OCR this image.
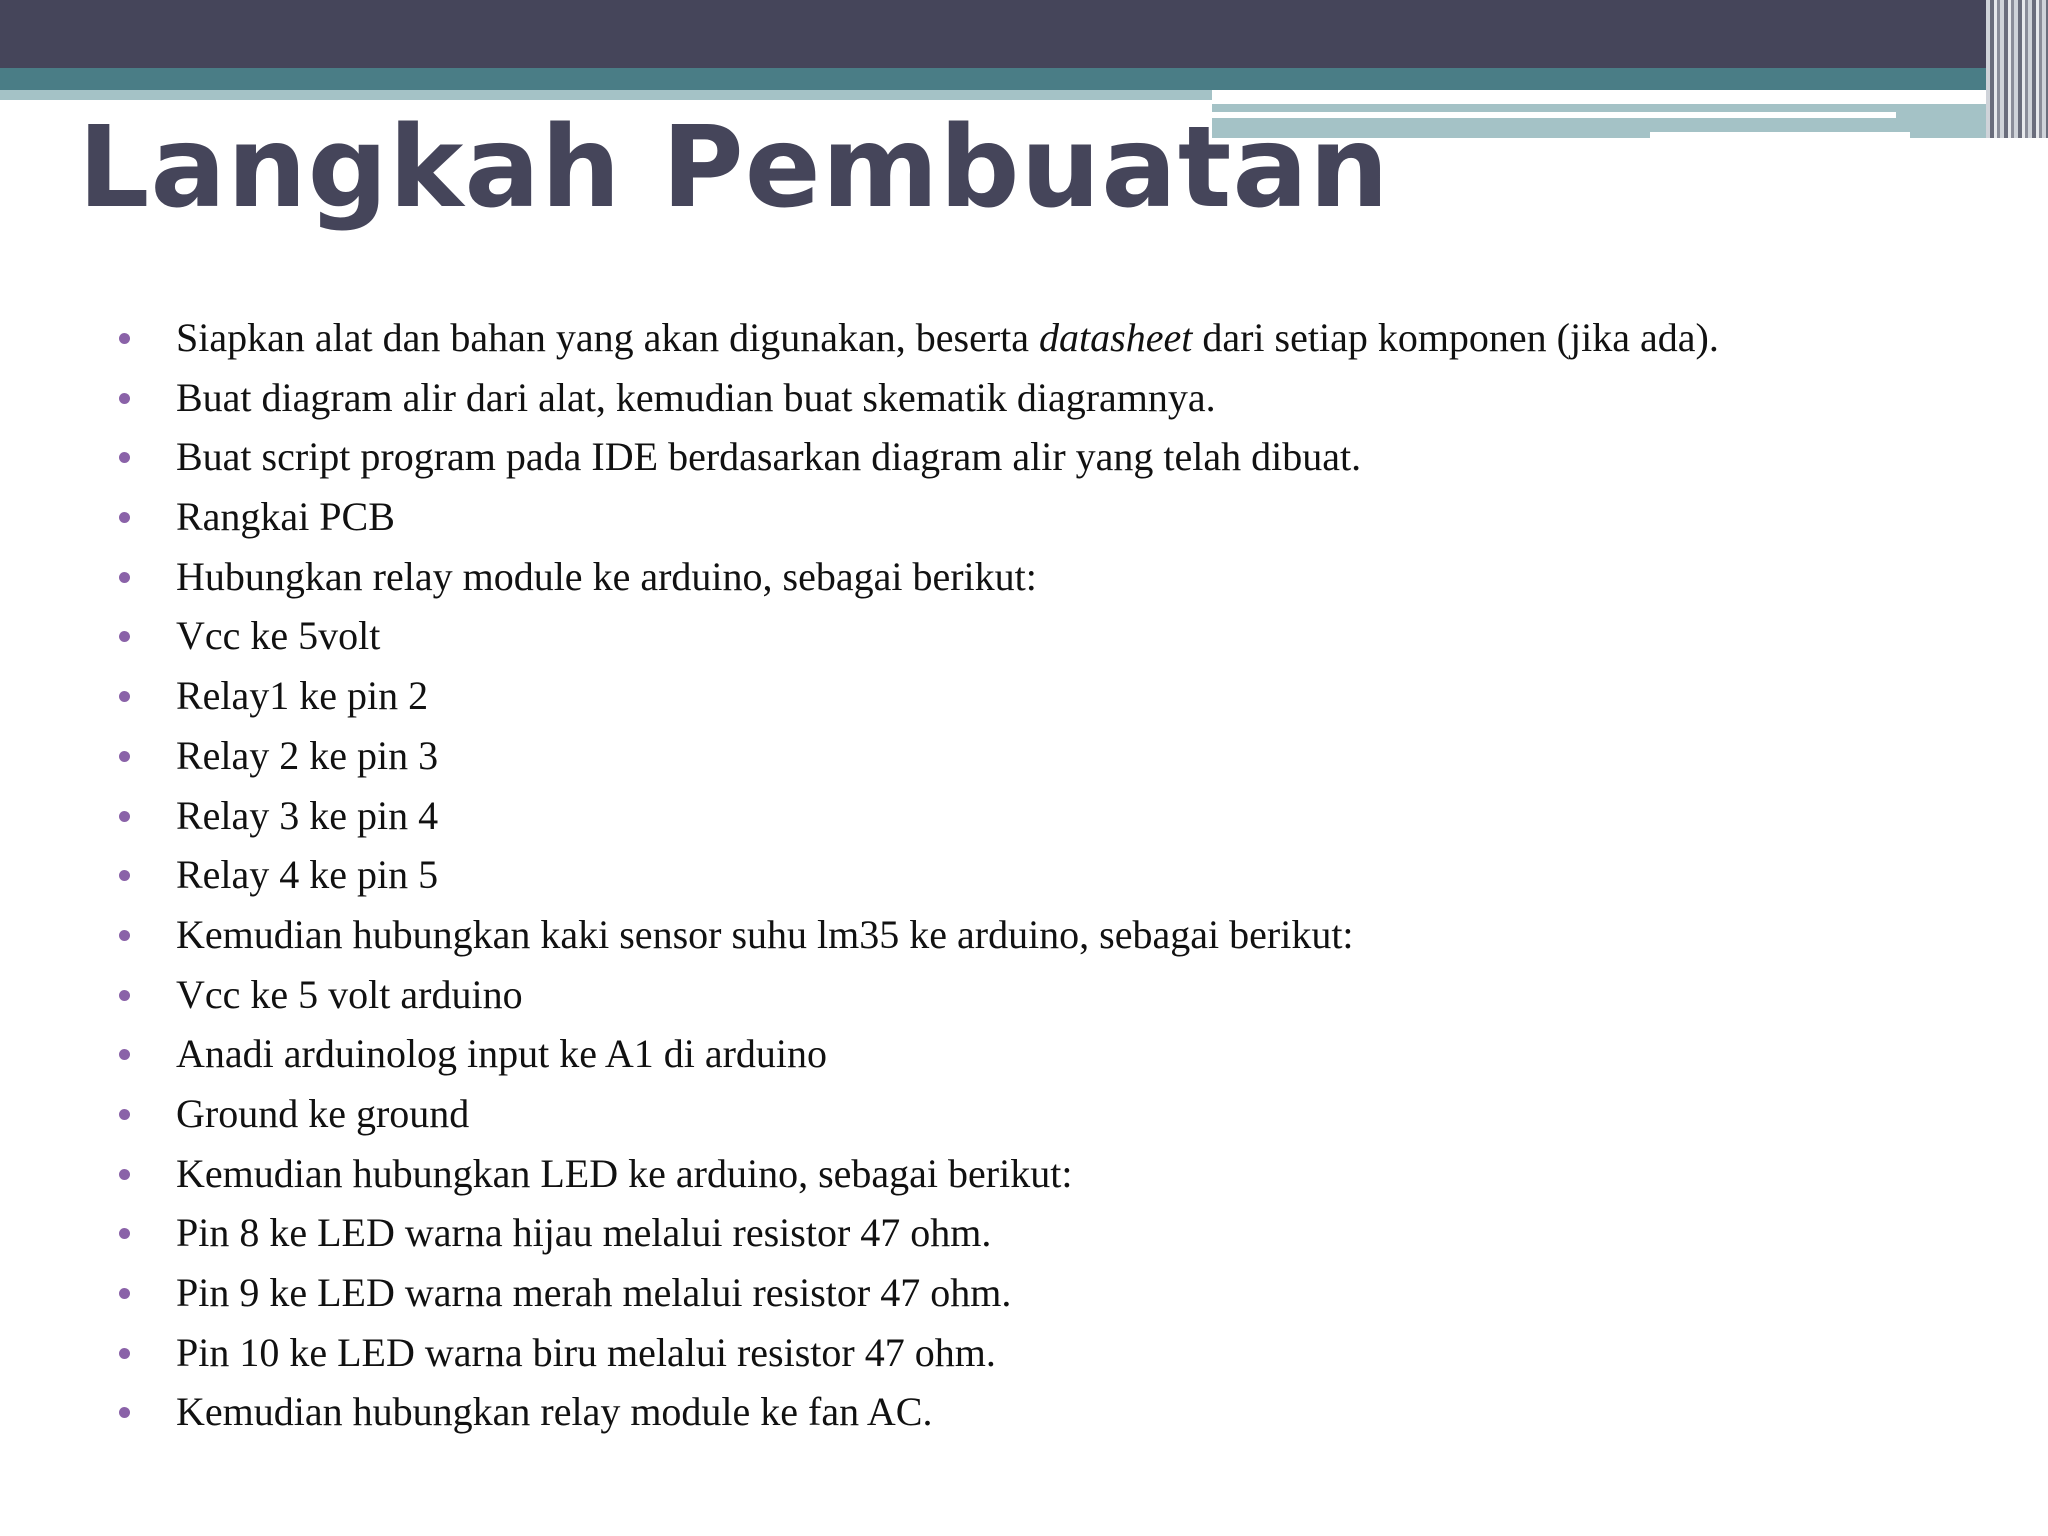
Langkah Pembuatan
Siapkan alat dan bahan yang akan digunakan, beserta datasheet dari setiap komponen (jika ada).
Buat diagram alir dari alat, kemudian buat skematik diagramnya.
Buat script program pada IDE berdasarkan diagram alir yang telah dibuat.
Rangkai PCB
Hubungkan relay module ke arduino, sebagai berikut:
Vcc ke 5volt
Relay1 ke pin 2
Relay 2 ke pin 3
Relay 3 ke pin 4
Relay 4 ke pin 5
Kemudian hubungkan kaki sensor suhu lm35 ke arduino, sebagai berikut:
Vcc ke 5 volt arduino
Anadi arduinolog input ke A1 di arduino
Ground ke ground
Kemudian hubungkan LED ke arduino, sebagai berikut:
Pin 8 ke LED warna hijau melalui resistor 47 ohm.
Pin 9 ke LED warna merah melalui resistor 47 ohm.
Pin 10 ke LED warna biru melalui resistor 47 ohm.
Kemudian hubungkan relay module ke fan AC.
